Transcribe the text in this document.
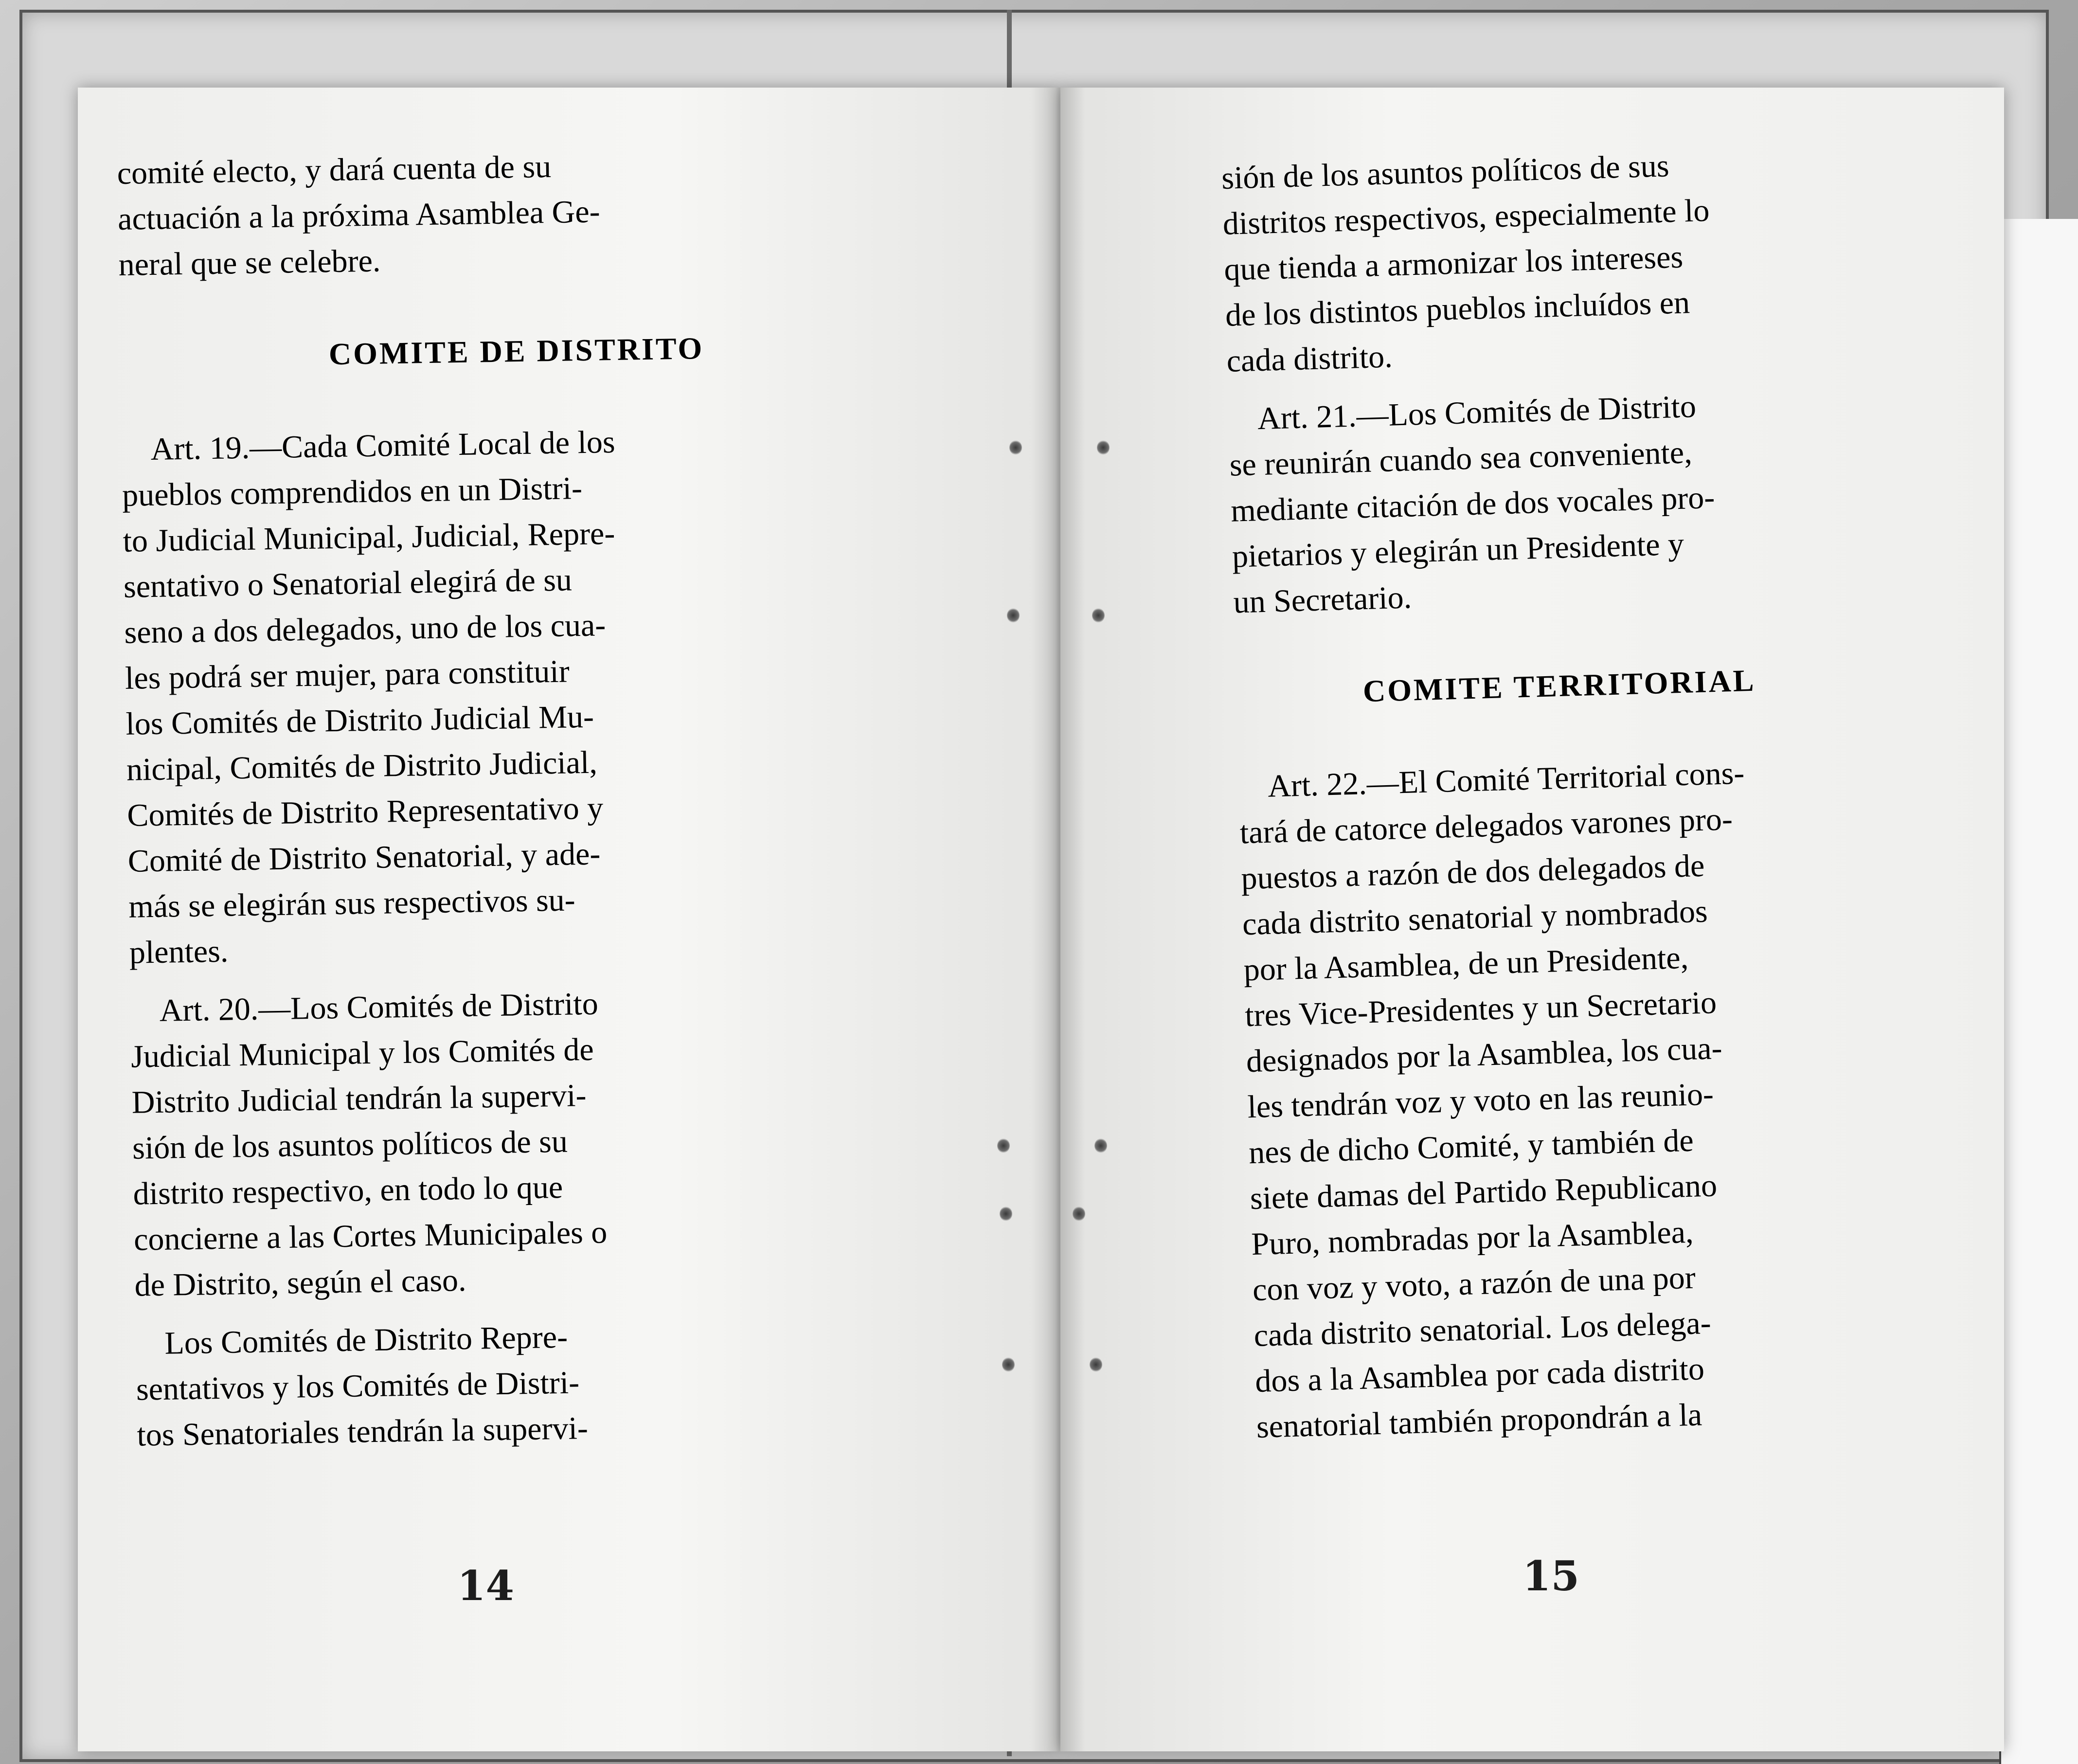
comité electo, y dará cuenta de su
actuación a la próxima Asamblea Ge-
neral que se celebre.
COMITE DE DISTRITO
Art. 19.—Cada Comité Local de los
pueblos comprendidos en un Distri-
to Judicial Municipal, Judicial, Repre-
sentativo o Senatorial elegirá de su
seno a dos delegados, uno de los cua-
les podrá ser mujer, para constituir
los Comités de Distrito Judicial Mu-
nicipal, Comités de Distrito Judicial,
Comités de Distrito Representativo y
Comité de Distrito Senatorial, y ade-
más se elegirán sus respectivos su-
plentes.
Art. 20.—Los Comités de Distrito
Judicial Municipal y los Comités de
Distrito Judicial tendrán la supervi-
sión de los asuntos políticos de su
distrito respectivo, en todo lo que
concierne a las Cortes Municipales o
de Distrito, según el caso.
Los Comités de Distrito Repre-
sentativos y los Comités de Distri-
tos Senatoriales tendrán la supervi-
14
sión de los asuntos políticos de sus
distritos respectivos, especialmente lo
que tienda a armonizar los intereses
de los distintos pueblos incluídos en
cada distrito.
Art. 21.—Los Comités de Distrito
se reunirán cuando sea conveniente,
mediante citación de dos vocales pro-
pietarios y elegirán un Presidente y
un Secretario.
COMITE TERRITORIAL
Art. 22.—El Comité Territorial cons-
tará de catorce delegados varones pro-
puestos a razón de dos delegados de
cada distrito senatorial y nombrados
por la Asamblea, de un Presidente,
tres Vice-Presidentes y un Secretario
designados por la Asamblea, los cua-
les tendrán voz y voto en las reunio-
nes de dicho Comité, y también de
siete damas del Partido Republicano
Puro, nombradas por la Asamblea,
con voz y voto, a razón de una por
cada distrito senatorial. Los delega-
dos a la Asamblea por cada distrito
senatorial también propondrán a la
15
